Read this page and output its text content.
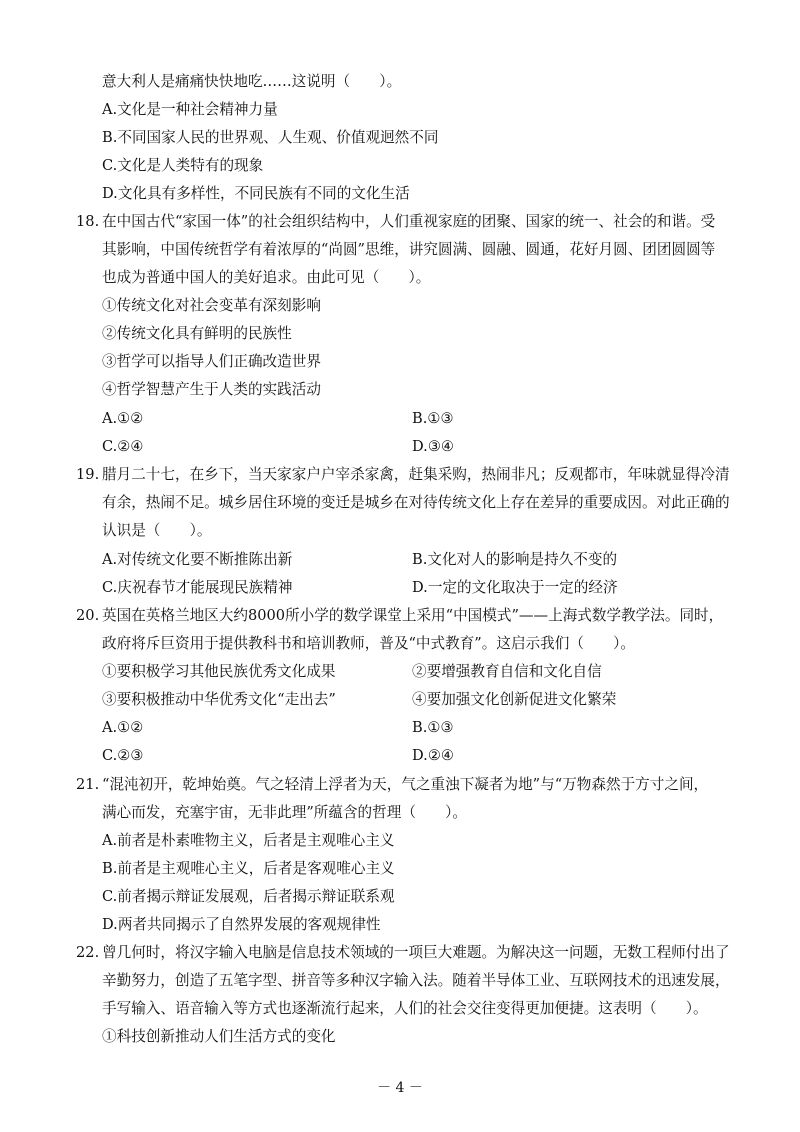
意大利人是痛痛快快地吃……这说明（　　）。
A.文化是一种社会精神力量
B.不同国家人民的世界观、人生观、价值观迥然不同
C.文化是人类特有的现象
D.文化具有多样性，不同民族有不同的文化生活
18. 在中国古代“家国一体”的社会组织结构中，人们重视家庭的团聚、国家的统一、社会的和谐。受
其影响，中国传统哲学有着浓厚的“尚圆”思维，讲究圆满、圆融、圆通，花好月圆、团团圆圆等
也成为普通中国人的美好追求。由此可见（　　）。
①传统文化对社会变革有深刻影响
②传统文化具有鲜明的民族性
③哲学可以指导人们正确改造世界
④哲学智慧产生于人类的实践活动
A.①②	B.①③
C.②④	D.③④
19. 腊月二十七，在乡下，当天家家户户宰杀家禽，赶集采购，热闹非凡；反观都市，年味就显得冷清
有余，热闹不足。城乡居住环境的变迁是城乡在对待传统文化上存在差异的重要成因。对此正确的
认识是（　　）。
A.对传统文化要不断推陈出新	B.文化对人的影响是持久不变的
C.庆祝春节才能展现民族精神	D.一定的文化取决于一定的经济
20. 英国在英格兰地区大约8000所小学的数学课堂上采用“中国模式”——上海式数学教学法。同时，
政府将斥巨资用于提供教科书和培训教师，普及“中式教育”。这启示我们（　　）。
①要积极学习其他民族优秀文化成果	②要增强教育自信和文化自信
③要积极推动中华优秀文化“走出去”	④要加强文化创新促进文化繁荣
A.①②	B.①③
C.②③	D.②④
21. “混沌初开，乾坤始奠。气之轻清上浮者为天，气之重浊下凝者为地”与“万物森然于方寸之间，
满心而发，充塞宇宙，无非此理”所蕴含的哲理（　　）。
A.前者是朴素唯物主义，后者是主观唯心主义
B.前者是主观唯心主义，后者是客观唯心主义
C.前者揭示辩证发展观，后者揭示辩证联系观
D.两者共同揭示了自然界发展的客观规律性
22. 曾几何时，将汉字输入电脑是信息技术领域的一项巨大难题。为解决这一问题，无数工程师付出了
辛勤努力，创造了五笔字型、拼音等多种汉字输入法。随着半导体工业、互联网技术的迅速发展，
手写输入、语音输入等方式也逐渐流行起来，人们的社会交往变得更加便捷。这表明（　　）。
①科技创新推动人们生活方式的变化
－ 4 －
